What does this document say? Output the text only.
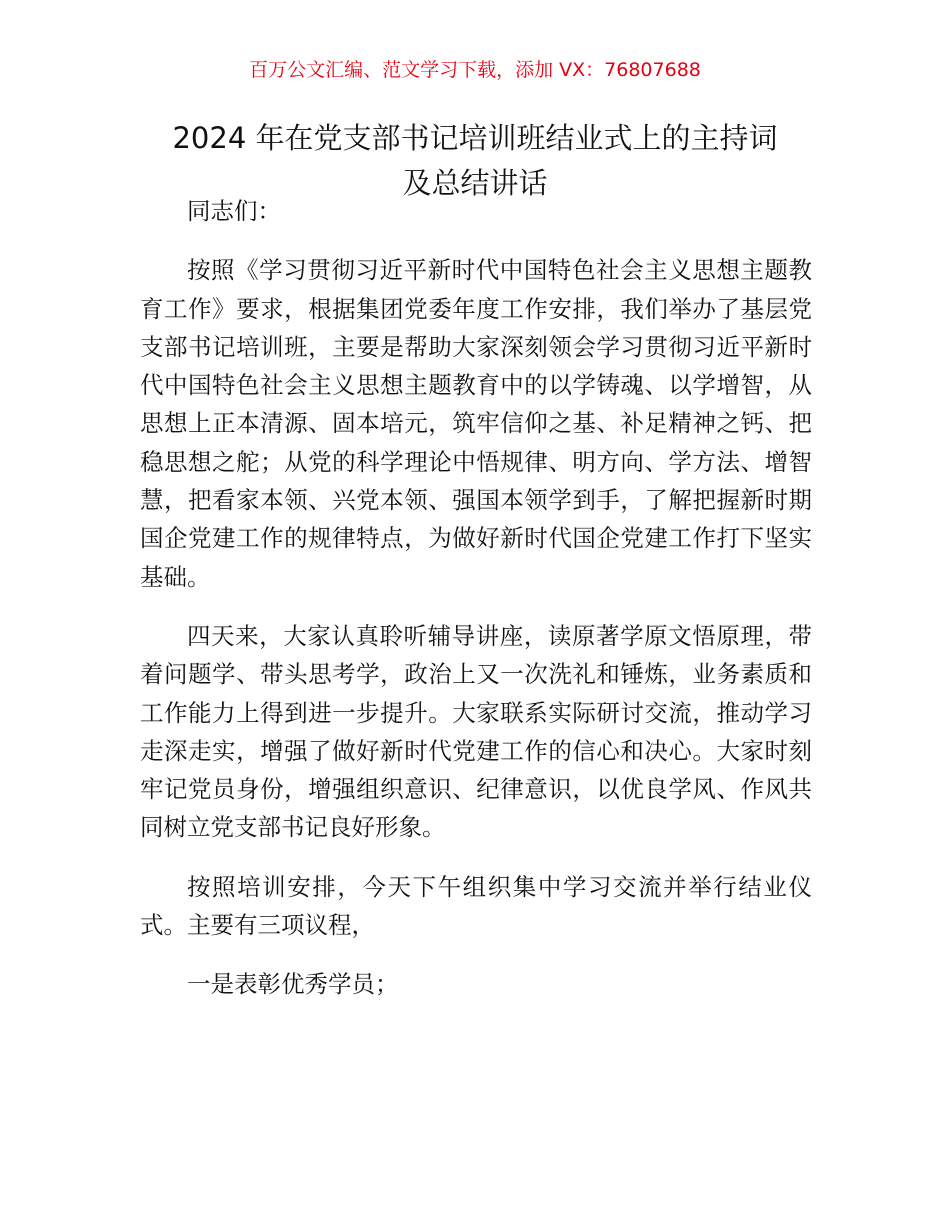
百万公文汇编、范文学习下载，添加 VX：76807688
2024 年在党支部书记培训班结业式上的主持词
及总结讲话

同志们：

按照《学习贯彻习近平新时代中国特色社会主义思想主题教育工作》要求，根据集团党委年度工作安排，我们举办了基层党支部书记培训班，主要是帮助大家深刻领会学习贯彻习近平新时代中国特色社会主义思想主题教育中的以学铸魂、以学增智，从思想上正本清源、固本培元，筑牢信仰之基、补足精神之钙、把稳思想之舵；从党的科学理论中悟规律、明方向、学方法、增智慧，把看家本领、兴党本领、强国本领学到手，了解把握新时期国企党建工作的规律特点，为做好新时代国企党建工作打下坚实基础。

四天来，大家认真聆听辅导讲座，读原著学原文悟原理，带着问题学、带头思考学，政治上又一次洗礼和锤炼，业务素质和工作能力上得到进一步提升。大家联系实际研讨交流，推动学习走深走实，增强了做好新时代党建工作的信心和决心。大家时刻牢记党员身份，增强组织意识、纪律意识，以优良学风、作风共同树立党支部书记良好形象。

按照培训安排，今天下午组织集中学习交流并举行结业仪式。主要有三项议程，

一是表彰优秀学员；
